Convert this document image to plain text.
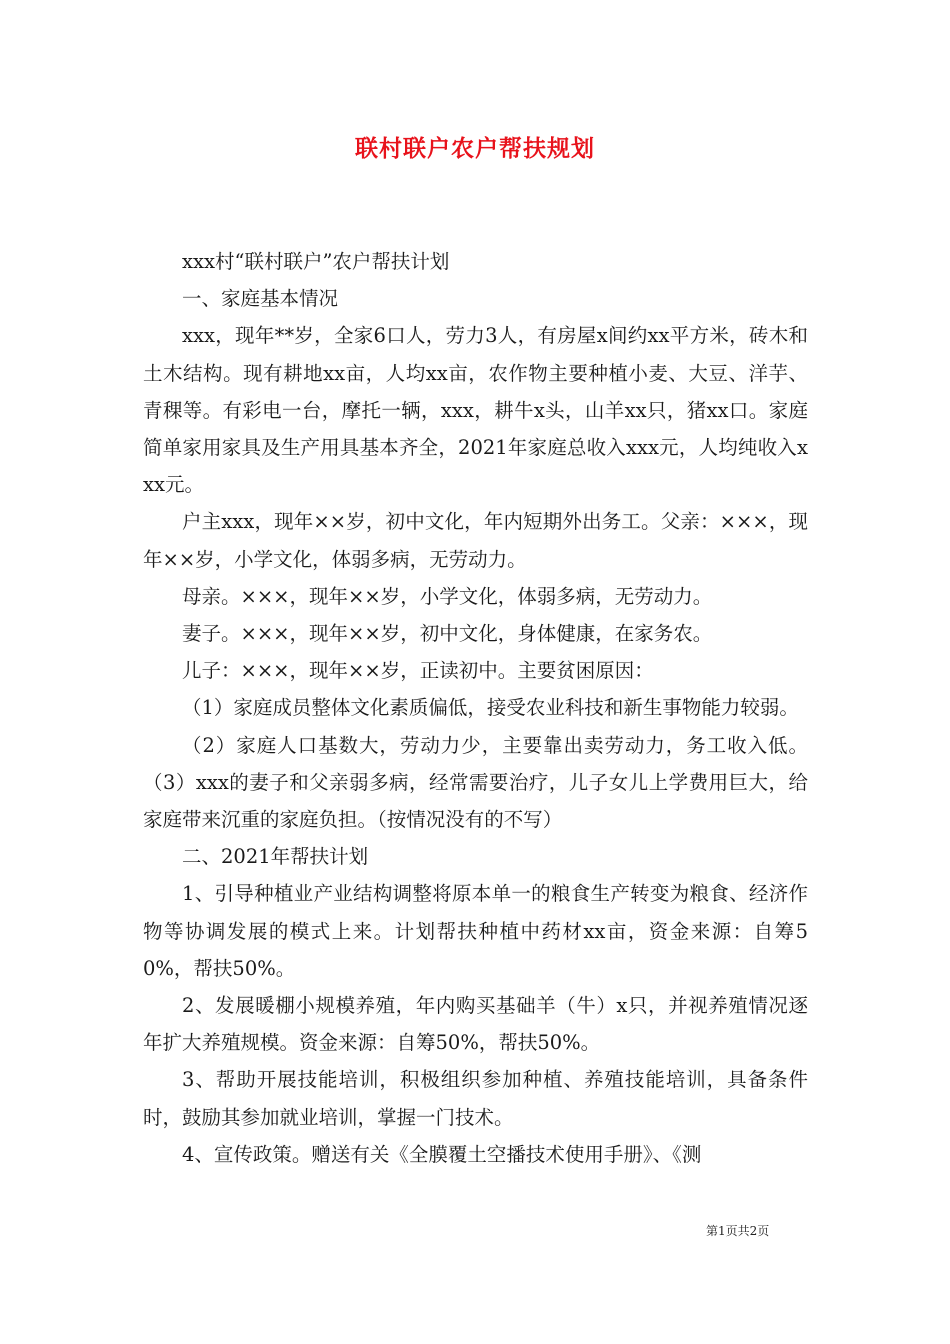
联村联户农户帮扶规划

xxx村“联村联户”农户帮扶计划

一、家庭基本情况

xxx，现年**岁，全家6口人，劳力3人，有房屋x间约xx平方米，砖木和土木结构。现有耕地xx亩，人均xx亩，农作物主要种植小麦、大豆、洋芋、青稞等。有彩电一台，摩托一辆，xxx，耕牛x头，山羊xx只，猪xx口。家庭简单家用家具及生产用具基本齐全，2021年家庭总收入xxx元，人均纯收入xxx元。

户主xxx，现年××岁，初中文化，年内短期外出务工。父亲：×××，现年××岁，小学文化，体弱多病，无劳动力。

母亲。×××，现年××岁，小学文化，体弱多病，无劳动力。

妻子。×××，现年××岁，初中文化，身体健康，在家务农。

儿子：×××，现年××岁，正读初中。主要贫困原因：

（1）家庭成员整体文化素质偏低，接受农业科技和新生事物能力较弱。

（2）家庭人口基数大，劳动力少，主要靠出卖劳动力，务工收入低。（3）xxx的妻子和父亲弱多病，经常需要治疗，儿子女儿上学费用巨大，给家庭带来沉重的家庭负担。（按情况没有的不写）

二、2021年帮扶计划

1、引导种植业产业结构调整将原本单一的粮食生产转变为粮食、经济作物等协调发展的模式上来。计划帮扶种植中药材xx亩，资金来源：自筹50%，帮扶50%。

2、发展暖棚小规模养殖，年内购买基础羊（牛）x只，并视养殖情况逐年扩大养殖规模。资金来源：自筹50%，帮扶50%。

3、帮助开展技能培训，积极组织参加种植、养殖技能培训，具备条件时，鼓励其参加就业培训，掌握一门技术。

4、宣传政策。赠送有关《全膜覆土空播技术使用手册》、《测

第1页共2页
